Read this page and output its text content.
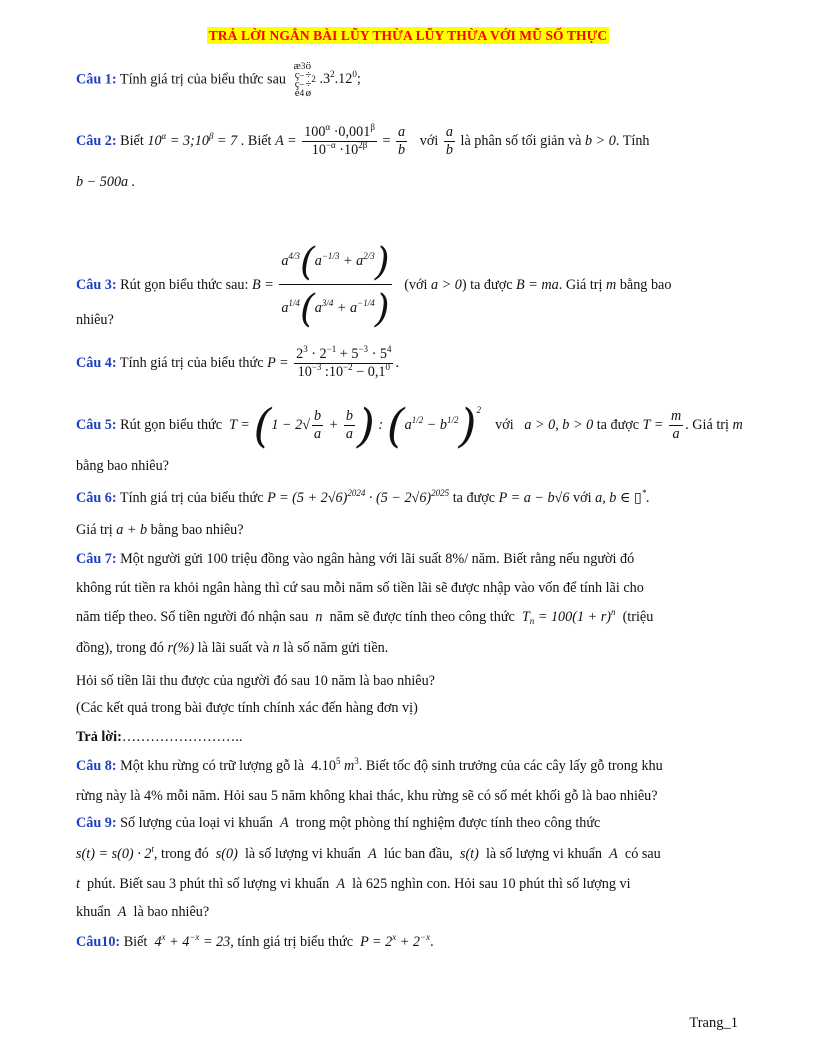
TRẢ LỜI NGẮN BÀI LŨY THỪA LŨY THỪA VỚI MŨ SỐ THỰC
Câu 1: Tính giá trị của biểu thức sau æ3
ç–
ç–
è4ö
÷
÷
$ø^2$ $.3^2.12^0$;
Câu 2: Biết $10^\alpha$ = $3;10^\beta = 7$ . Biết $A = \frac{100^\alpha \cdot 0,001^\beta}{10^{-\alpha} \cdot 10^{2\beta}} = \frac{a}{b}$ với $\frac{a}{b}$ là phân số tối giản và b > 0. Tính
b − 500a .
Câu 3: Rút gọn biểu thức sau: $B = \frac{a^{4/3}(a^{-1/3} + a^{2/3})}{a^{1/4}(a^{3/4} + a^{-1/4})}$ (với a > 0) ta được B = ma. Giá trị m bằng bao
nhiêu?
Câu 4: Tính giá trị của biểu thức $P = \frac{2^3 \cdot 2^{-1} + 5^{-3} \cdot 5^4}{10^{-3} :10^{-2} - 0,1^0}$ .
Câu 5: Rút gọn biểu thức  $T = (1 - 2√ \frac{b}{a} + \frac{b}{a}$ ) : $(a^{1/2} - b^{1/2})^2$    với a > 0, b > 0 ta được $T = \frac{m}{a}$ . Giá trị m
bằng bao nhiêu?
Câu 6: Tính giá trị của biểu thức $P = (5 + 2√6)^{2024} \cdot (5 - 2√6)^{2025}$ ta được P = a − b√6 với a, b ∈ ▯*.
Giá trị a + b bằng bao nhiêu?
Câu 7: Một người gửi 100 triệu đồng vào ngân hàng với lãi suất 8%/ năm. Biết rằng nếu người đó
không rút tiền ra khỏi ngân hàng thì cứ sau mỗi năm số tiền lãi sẽ được nhập vào vốn để tính lãi cho
năm tiếp theo. Số tiền người đó nhận sau  n  năm sẽ được tính theo công thức  $T_n = 100(1 + r)^n$ (triệu
đồng), trong đó r(%) là lãi suất và n là số năm gửi tiền.
Hỏi số tiền lãi thu được của người đó sau 10 năm là bao nhiêu?
(Các kết quả trong bài được tính chính xác đến hàng đơn vị)
Trả lời:……………………..
Câu 8: Một khu rừng có trữ lượng gỗ là  4.10$^5$ $m^3$. Biết tốc độ sinh trưởng của các cây lấy gỗ trong khu
rừng này là 4% mỗi năm. Hỏi sau 5 năm không khai thác, khu rừng sẽ có số mét khối gỗ là bao nhiêu?
Câu 9: Số lượng của loại vi khuẩn  A  trong một phòng thí nghiệm được tính theo công thức
$s(t) = s(0) \cdot 2^t$, trong đó  s(0)  là số lượng vi khuẩn  A  lúc ban đầu,  s(t)  là số lượng vi khuẩn  A  có sau
t  phút. Biết sau 3 phút thì số lượng vi khuẩn  A  là 625 nghìn con. Hỏi sau 10 phút thì số lượng vi
khuẩn  A  là bao nhiêu?
Câu10: Biết  $4^x + 4^{-x} = 23$, tính giá trị biểu thức  $P = 2^x + 2^{-x}$.
Trang_1
